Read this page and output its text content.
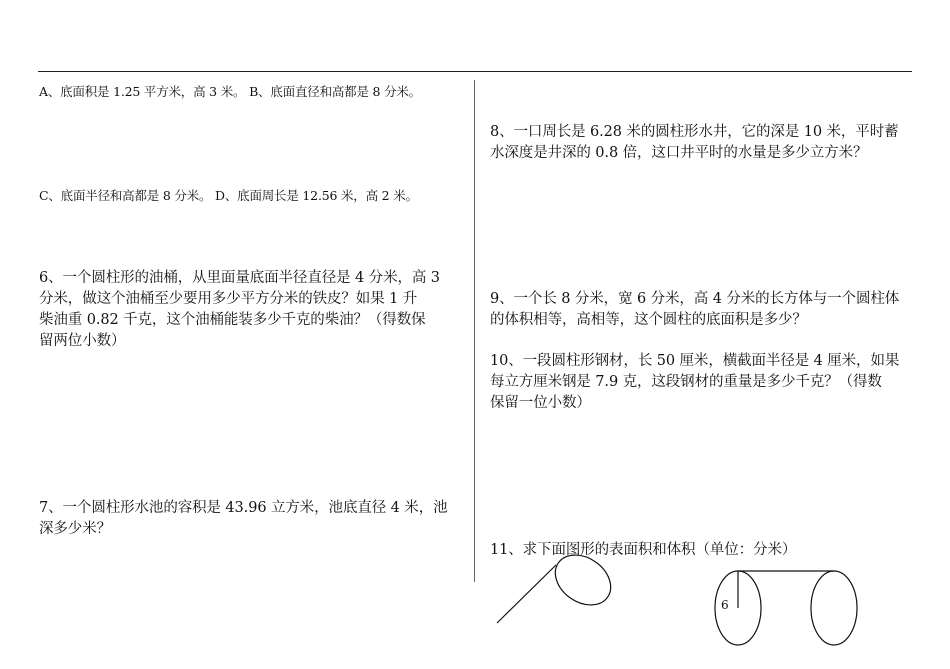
A、底面积是 1.25 平方米，高 3 米。 B、底面直径和高都是 8 分米。
C、底面半径和高都是 8 分米。 D、底面周长是 12.56 米，高 2 米。
6、一个圆柱形的油桶，从里面量底面半径直径是 4 分米，高 3
分米，做这个油桶至少要用多少平方分米的铁皮？如果 1 升
柴油重 0.82 千克，这个油桶能装多少千克的柴油？（得数保
留两位小数）
7、一个圆柱形水池的容积是 43.96 立方米，池底直径 4 米，池
深多少米？
8、一口周长是 6.28 米的圆柱形水井，它的深是 10 米，平时蓄
水深度是井深的 0.8 倍，这口井平时的水量是多少立方米？
9、一个长 8 分米，宽 6 分米，高 4 分米的长方体与一个圆柱体
的体积相等，高相等，这个圆柱的底面积是多少？
10、一段圆柱形钢材，长 50 厘米，横截面半径是 4 厘米，如果
每立方厘米钢是 7.9 克，这段钢材的重量是多少千克？（得数
保留一位小数）
11、求下面图形的表面积和体积（单位：分米）
6
